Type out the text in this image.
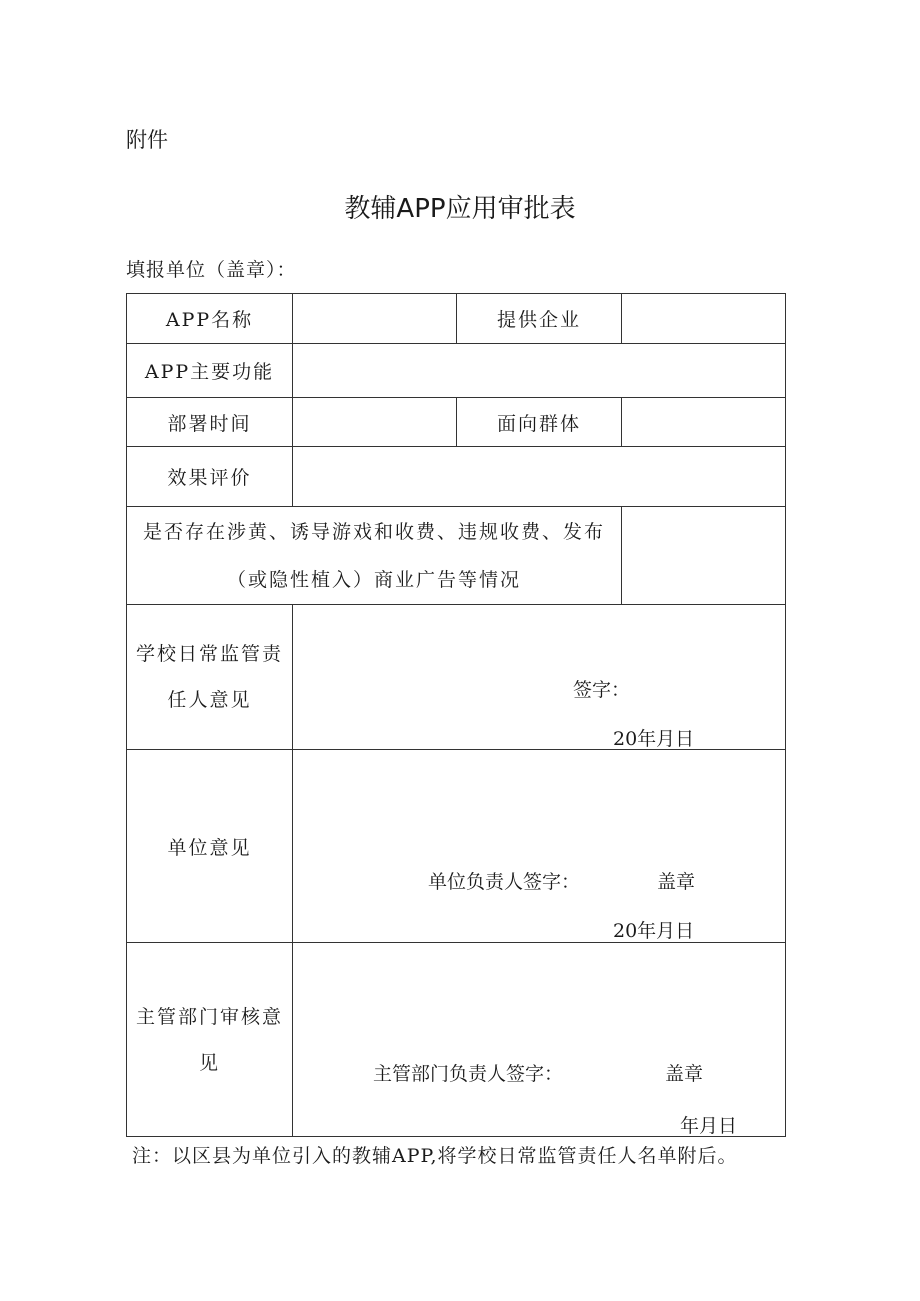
附件
教辅APP应用审批表
填报单位（盖章）：
APP名称		提供企业	
APP主要功能			
部署时间		面向群体	
效果评价			
是否存在涉黄、诱导游戏和收费、违规收费、发布（或隐性植入）商业广告等情况			
学校日常监管责任人意见	签字：
20年月日		

单位意见	单位负责人签字： 盖章
20年月日		

主管部门审核意见	主管部门负责人签字： 盖章
年月日		
注：以区县为单位引入的教辅APP,将学校日常监管责任人名单附后。
